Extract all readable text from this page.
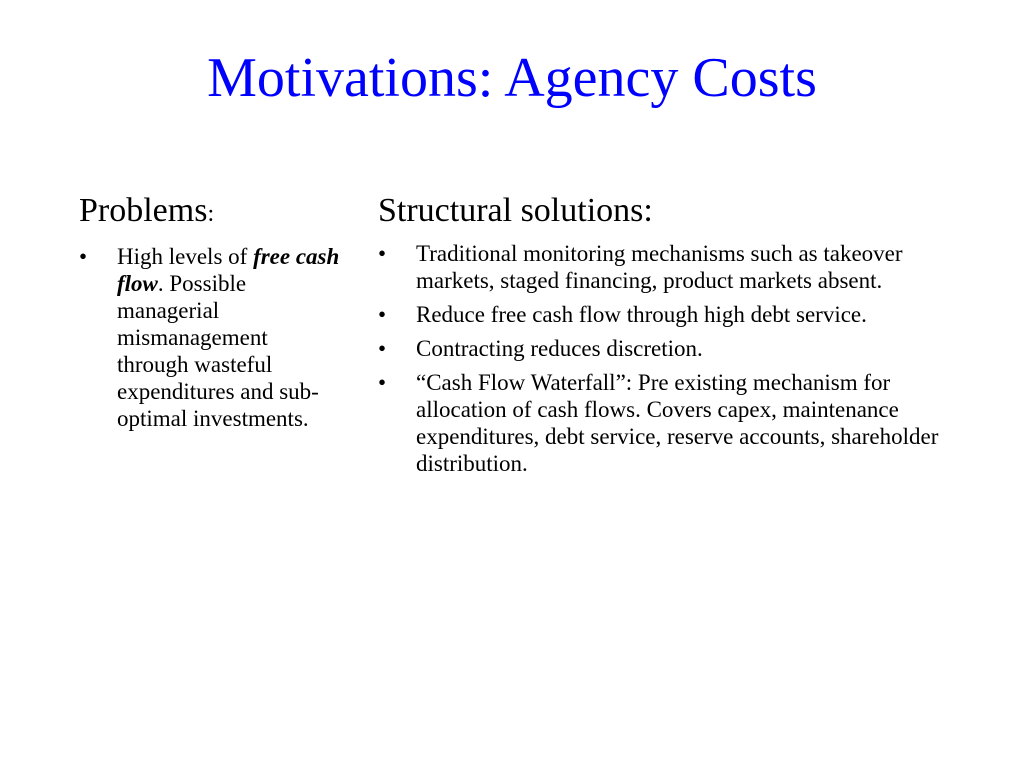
Motivations: Agency Costs
Problems:
• High levels of free cash flow. Possible managerial mismanagement through wasteful expenditures and sub-optimal investments.
Structural solutions:
• Traditional monitoring mechanisms such as takeover markets, staged financing, product markets absent.
• Reduce free cash flow through high debt service.
• Contracting reduces discretion.
• “Cash Flow Waterfall”: Pre existing mechanism for allocation of cash flows. Covers capex, maintenance expenditures, debt service, reserve accounts, shareholder distribution.
